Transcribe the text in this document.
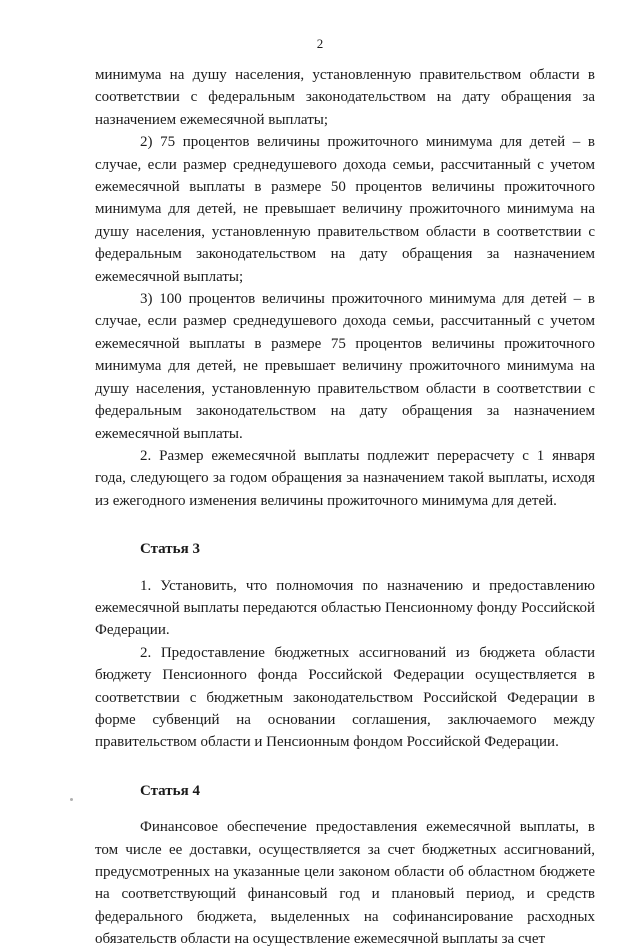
2

минимума на душу населения, установленную правительством области в соответствии с федеральным законодательством на дату обращения за назначением ежемесячной выплаты;

2) 75 процентов величины прожиточного минимума для детей – в случае, если размер среднедушевого дохода семьи, рассчитанный с учетом ежемесячной выплаты в размере 50 процентов величины прожиточного минимума для детей, не превышает величину прожиточного минимума на душу населения, установленную правительством области в соответствии с федеральным законодательством на дату обращения за назначением ежемесячной выплаты;

3) 100 процентов величины прожиточного минимума для детей – в случае, если размер среднедушевого дохода семьи, рассчитанный с учетом ежемесячной выплаты в размере 75 процентов величины прожиточного минимума для детей, не превышает величину прожиточного минимума на душу населения, установленную правительством области в соответствии с федеральным законодательством на дату обращения за назначением ежемесячной выплаты.

2. Размер ежемесячной выплаты подлежит перерасчету с 1 января года, следующего за годом обращения за назначением такой выплаты, исходя из ежегодного изменения величины прожиточного минимума для детей.

Статья 3

1. Установить, что полномочия по назначению и предоставлению ежемесячной выплаты передаются областью Пенсионному фонду Российской Федерации.

2. Предоставление бюджетных ассигнований из бюджета области бюджету Пенсионного фонда Российской Федерации осуществляется в соответствии с бюджетным законодательством Российской Федерации в форме субвенций на основании соглашения, заключаемого между правительством области и Пенсионным фондом Российской Федерации.

Статья 4

Финансовое обеспечение предоставления ежемесячной выплаты, в том числе ее доставки, осуществляется за счет бюджетных ассигнований, предусмотренных на указанные цели законом области об областном бюджете на соответствующий финансовый год и плановый период, и средств федерального бюджета, выделенных на софинансирование расходных обязательств области на осуществление ежемесячной выплаты за счет
